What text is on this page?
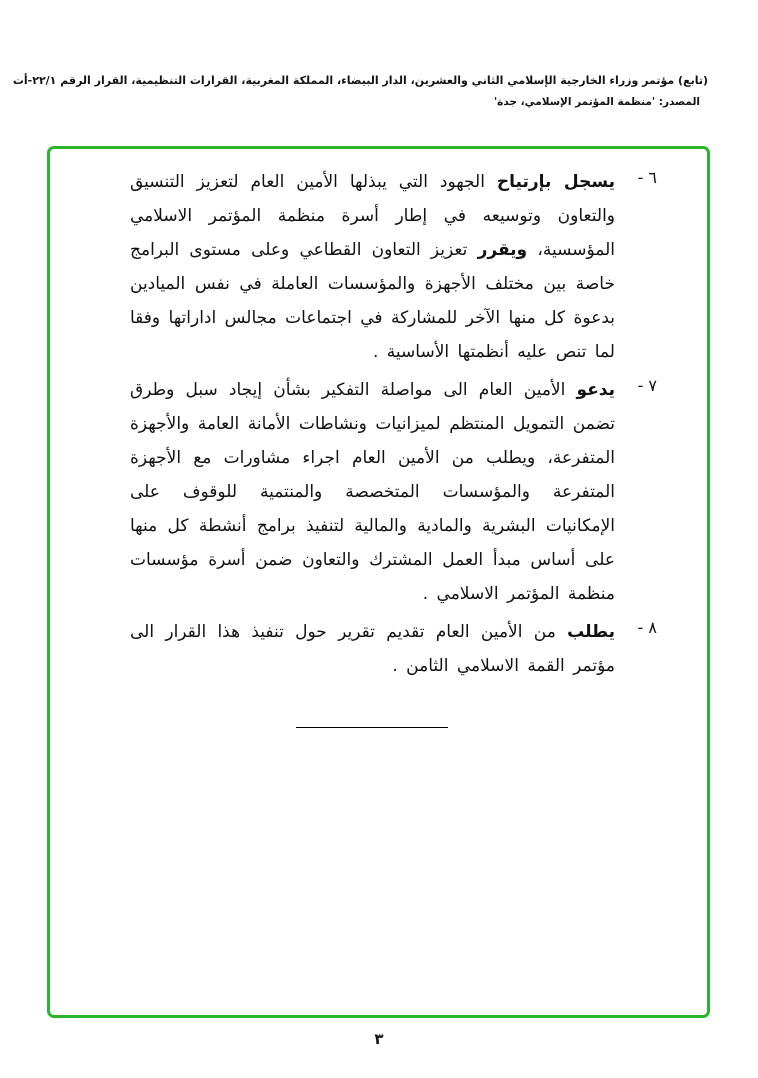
(تابع) مؤتمر وزراء الخارجية الإسلامي الثاني والعشرين، الدار البيضاء، المملكة المغربية، القرارات التنظيمية، القرار الرقم ٢٢/١-أت
المصدر: 'منظمة المؤتمر الإسلامي، جدة'
٦ -

يسجل بإرتياح الجهود التي يبذلها الأمين العام لتعزيز التنسيق والتعاون وتوسيعه في إطار أسرة منظمة المؤتمر الاسلامي المؤسسية، ويقرر تعزيز التعاون القطاعي وعلى مستوى البرامج خاصة بين مختلف الأجهزة والمؤسسات العاملة في نفس الميادين بدعوة كل منها الآخر للمشاركة في اجتماعات مجالس اداراتها وفقا لما تنص عليه أنظمتها الأساسية .

٧ -

يدعو الأمين العام الى مواصلة التفكير بشأن إيجاد سبل وطرق تضمن التمويل المنتظم لميزانيات ونشاطات الأمانة العامة والأجهزة المتفرعة، ويطلب من الأمين العام اجراء مشاورات مع الأجهزة المتفرعة والمؤسسات المتخصصة والمنتمية للوقوف على الإمكانيات البشرية والمادية والمالية لتنفيذ برامج أنشطة كل منها على أساس مبدأ العمل المشترك والتعاون ضمن أسرة مؤسسات منظمة المؤتمر الاسلامي .

٨ -

يطلب من الأمين العام تقديم تقرير حول تنفيذ هذا القرار الى مؤتمر القمة الاسلامي الثامن .

٣
